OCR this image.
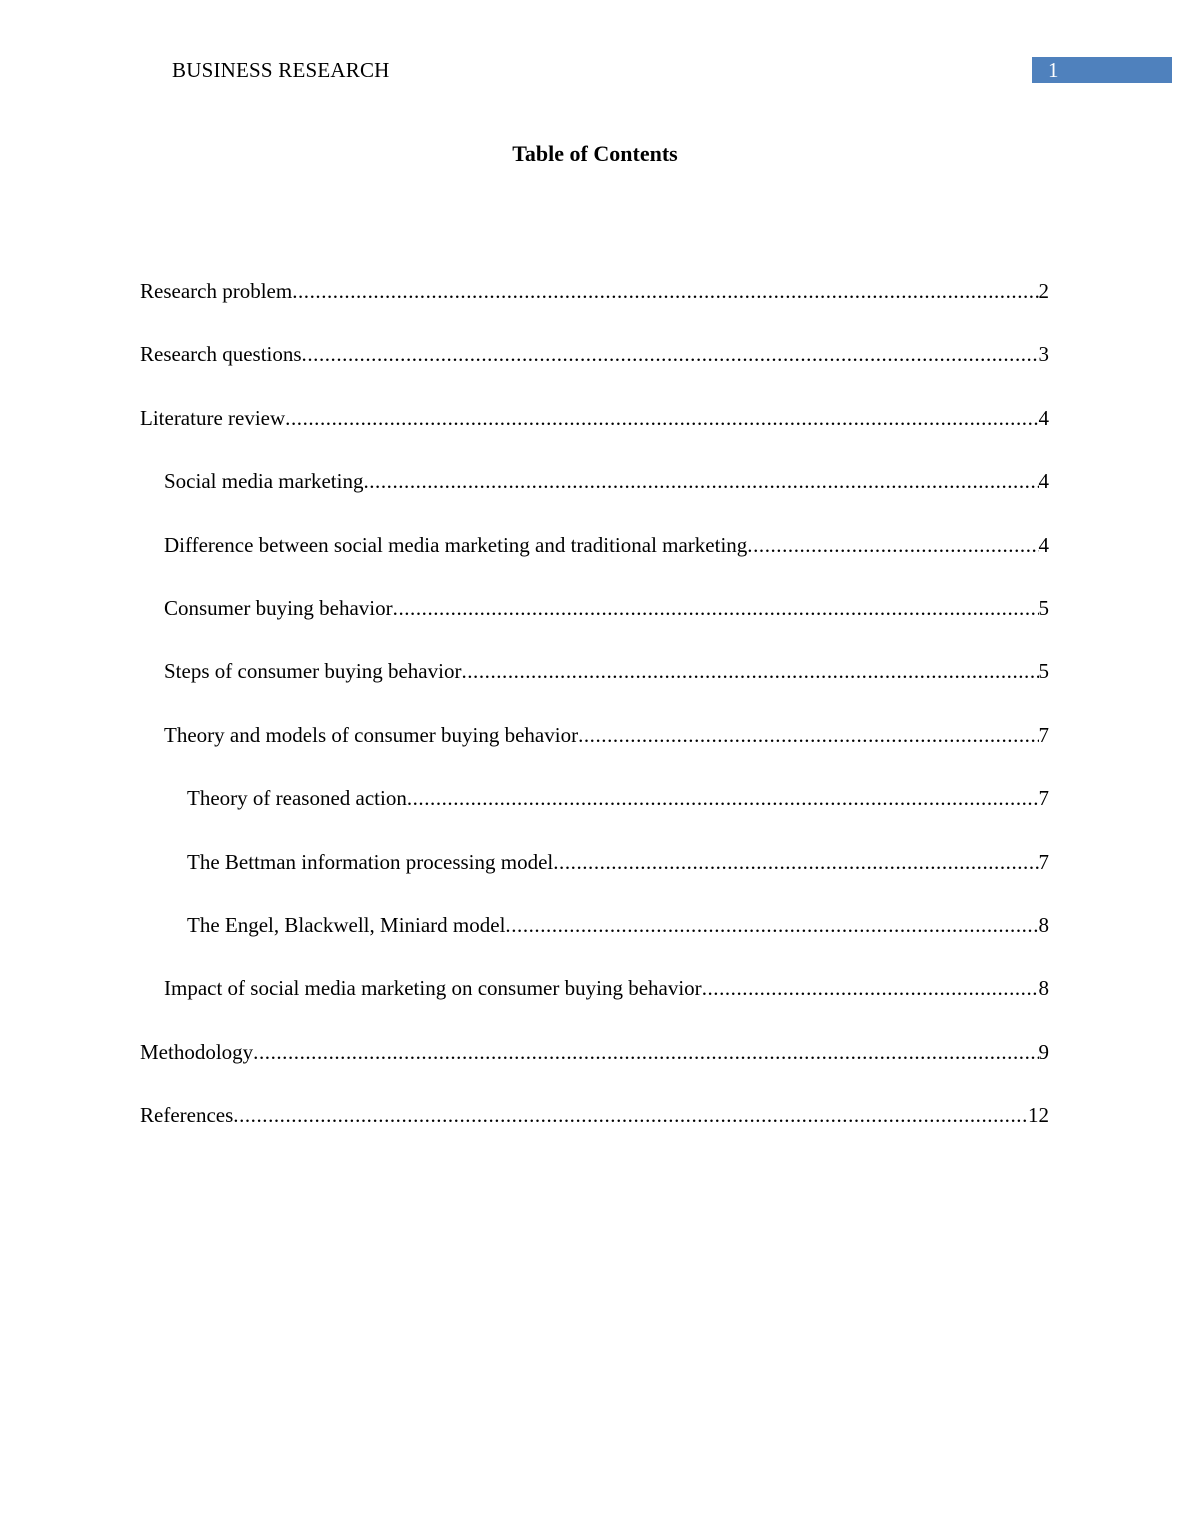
BUSINESS RESEARCH	1
Table of Contents
Research problem .....	2
Research questions .....	3
Literature review .....	4
Social media marketing .....	4
Difference between social media marketing and traditional marketing .....	4
Consumer buying behavior .....	5
Steps of consumer buying behavior .....	5
Theory and models of consumer buying behavior .....	7
Theory of reasoned action .....	7
The Bettman information processing model .....	7
The Engel, Blackwell, Miniard model .....	8
Impact of social media marketing on consumer buying behavior .....	8
Methodology .....	9
References .....	12
